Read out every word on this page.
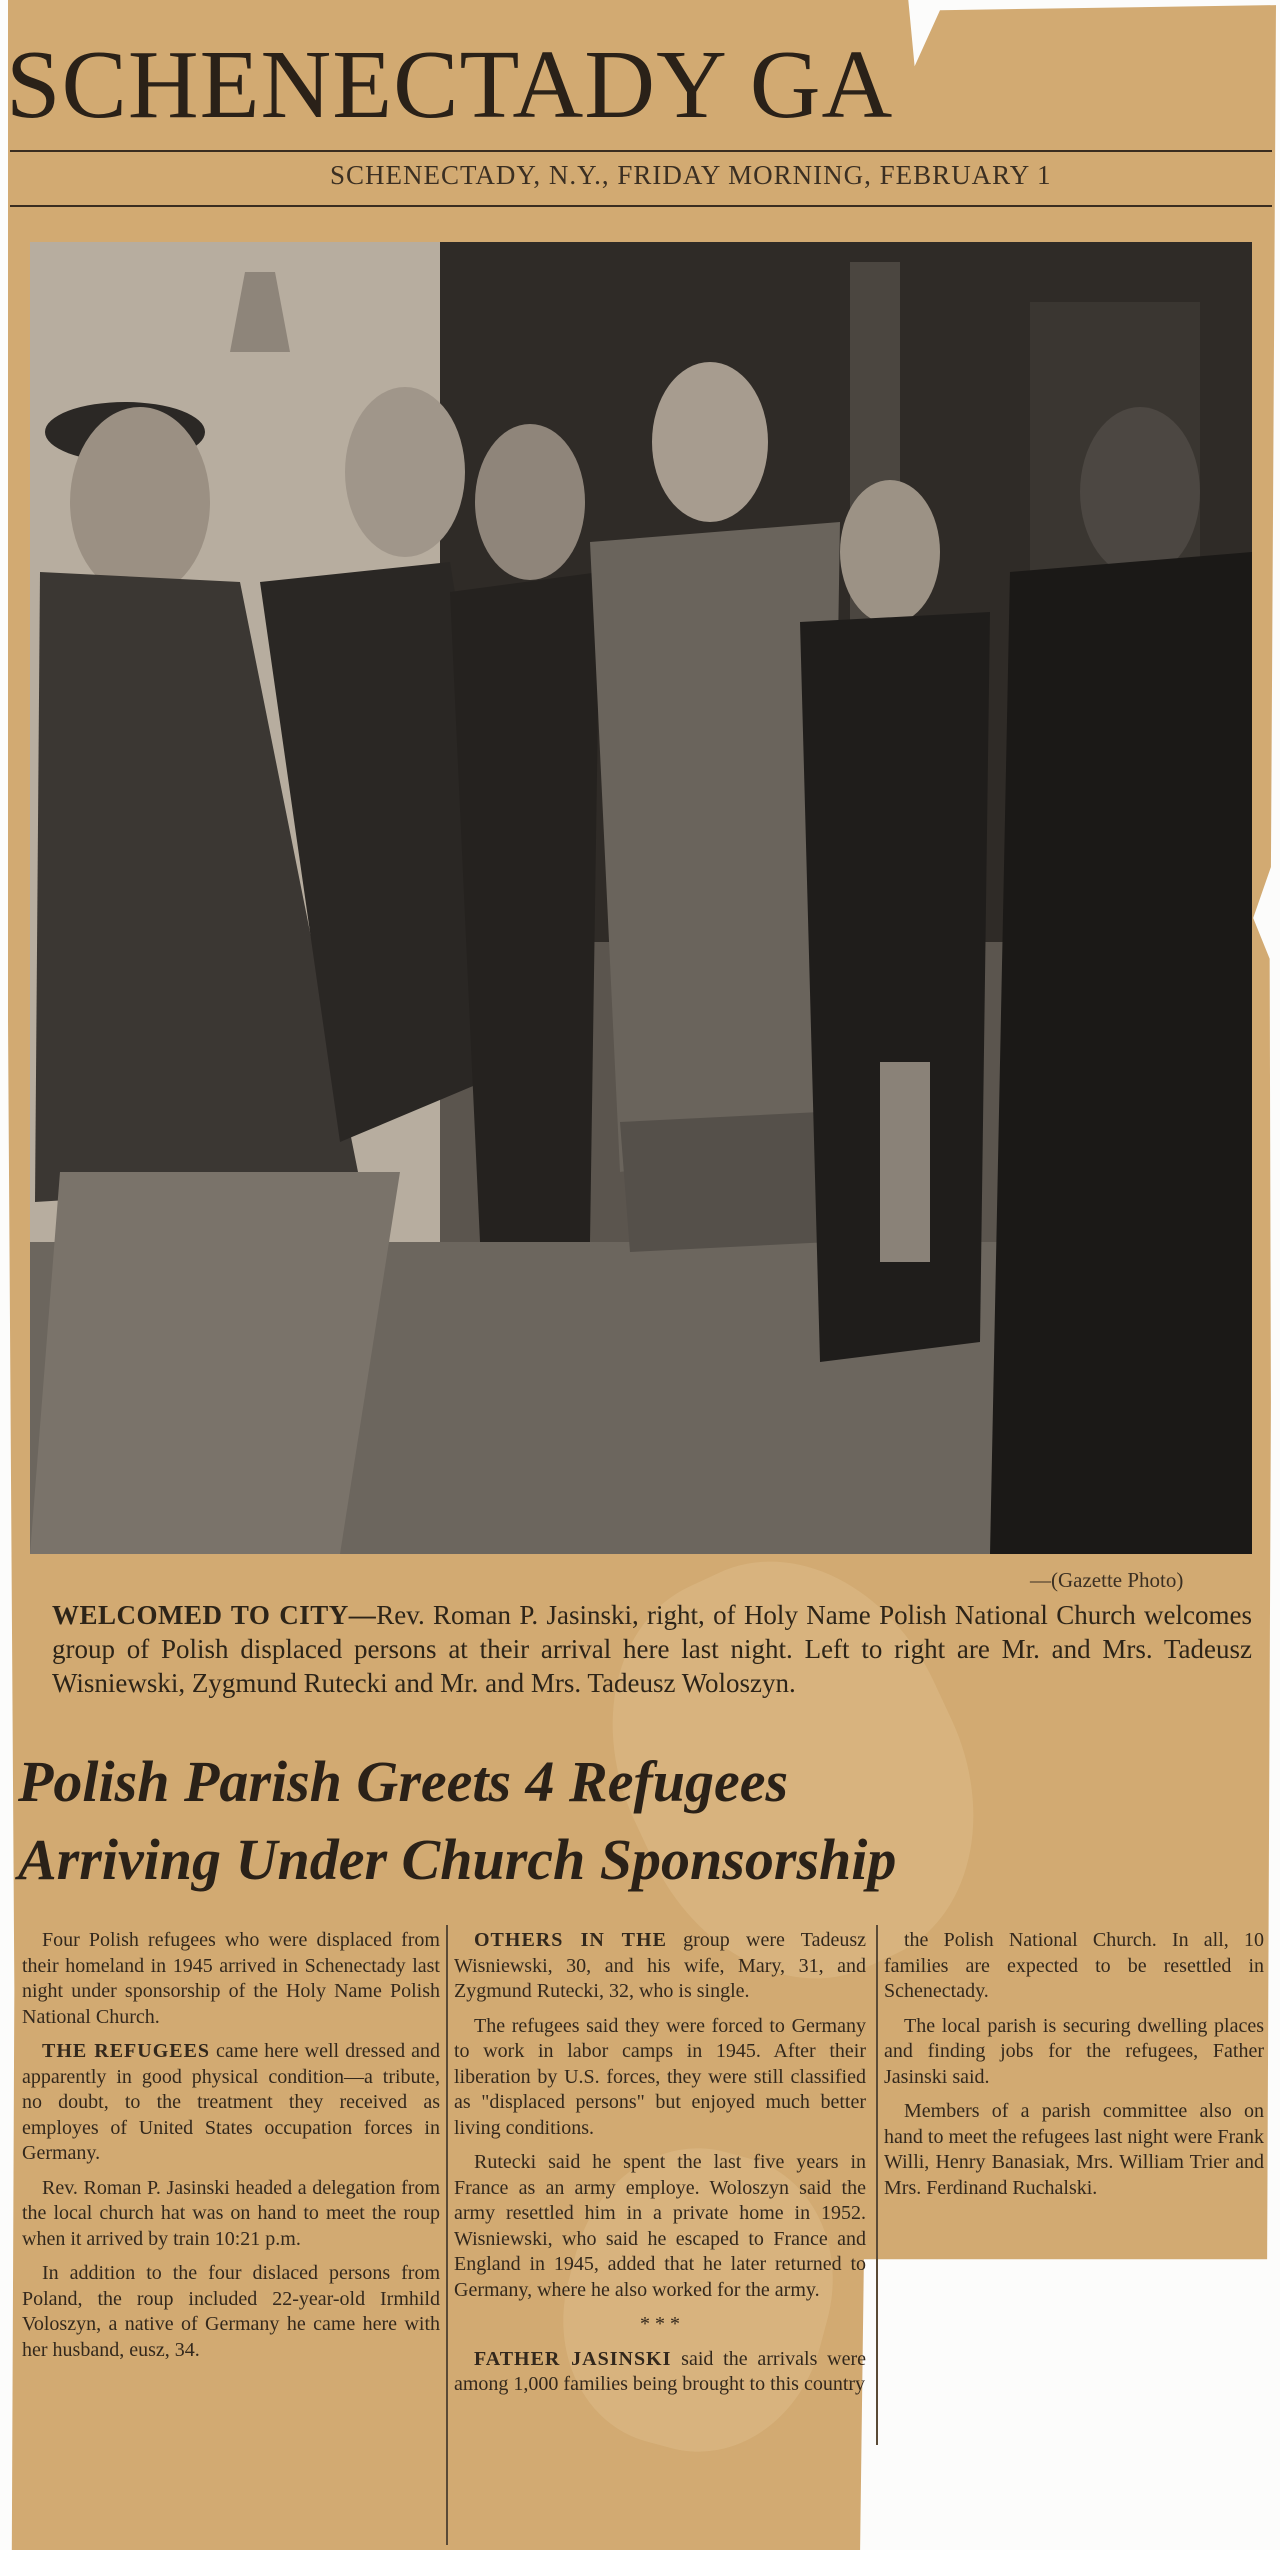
SCHENECTADY GA
SCHENECTADY, N.Y., FRIDAY MORNING, FEBRUARY 1
—(Gazette Photo)
WELCOMED TO CITY—Rev. Roman P. Jasinski, right, of Holy Name Polish National Church welcomes group of Polish displaced persons at their arrival here last night. Left to right are Mr. and Mrs. Tadeusz Wisniewski, Zygmund Rutecki and Mr. and Mrs. Tadeusz Woloszyn.
Polish Parish Greets 4 Refugees
Arriving Under Church Sponsorship

Four Polish refugees who were displaced from their homeland in 1945 arrived in Schenectady last night under sponsorship of the Holy Name Polish National Church.

THE REFUGEES came here well dressed and apparently in good physical condition—a tribute, no doubt, to the treatment they received as employes of United States occupation forces in Germany.

Rev. Roman P. Jasinski headed a delegation from the local church hat was on hand to meet the roup when it arrived by train 10:21 p.m.

In addition to the four dislaced persons from Poland, the roup included 22-year-old Irmhild Voloszyn, a native of Germany he came here with her husband, eusz, 34.

OTHERS IN THE group were Tadeusz Wisniewski, 30, and his wife, Mary, 31, and Zygmund Rutecki, 32, who is single.

The refugees said they were forced to Germany to work in labor camps in 1945. After their liberation by U.S. forces, they were still classified as "displaced persons" but enjoyed much better living conditions.

Rutecki said he spent the last five years in France as an army employe. Woloszyn said the army resettled him in a private home in 1952. Wisniewski, who said he escaped to France and England in 1945, added that he later returned to Germany, where he also worked for the army.

* * *

FATHER JASINSKI said the arrivals were among 1,000 families being brought to this country

the Polish National Church. In all, 10 families are expected to be resettled in Schenectady.

The local parish is securing dwelling places and finding jobs for the refugees, Father Jasinski said.

Members of a parish committee also on hand to meet the refugees last night were Frank Willi, Henry Banasiak, Mrs. William Trier and Mrs. Ferdinand Ruchalski.
